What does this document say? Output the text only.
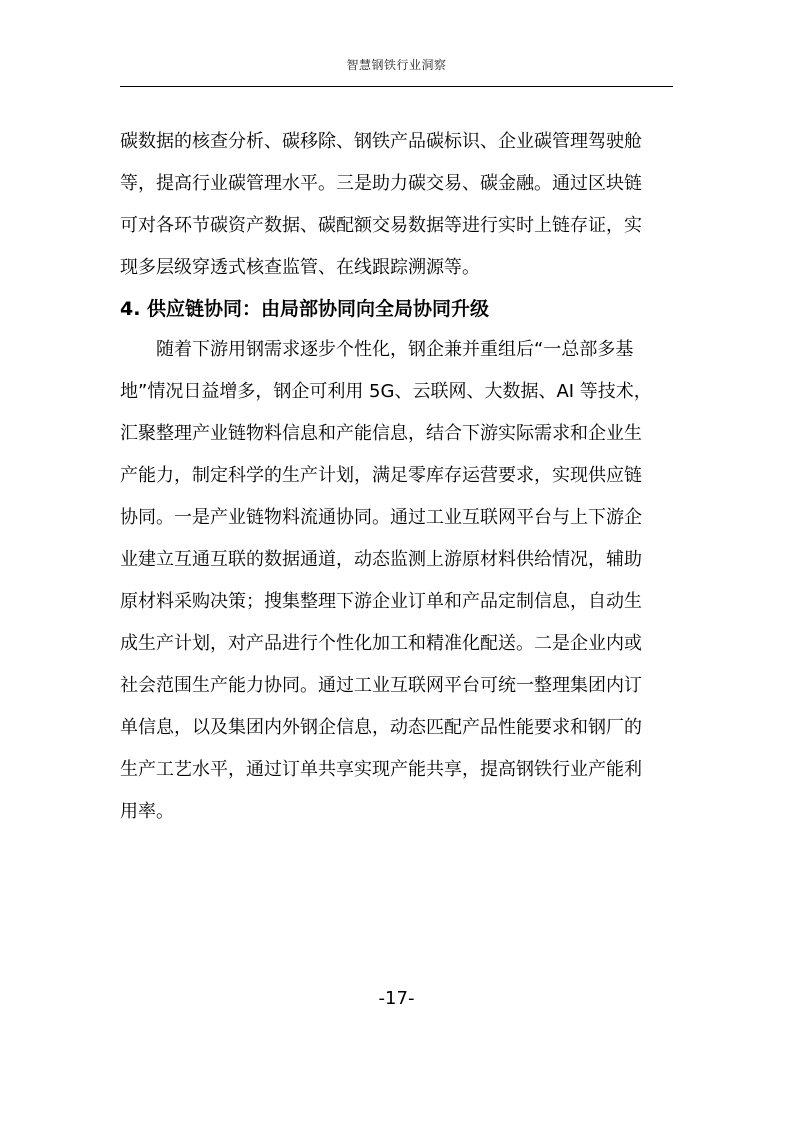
智慧钢铁行业洞察
碳数据的核查分析、碳移除、钢铁产品碳标识、企业碳管理驾驶舱
等，提高行业碳管理水平。三是助力碳交易、碳金融。通过区块链
可对各环节碳资产数据、碳配额交易数据等进行实时上链存证，实
现多层级穿透式核查监管、在线跟踪溯源等。
4. 供应链协同：由局部协同向全局协同升级
　　随着下游用钢需求逐步个性化，钢企兼并重组后“一总部多基
地”情况日益增多，钢企可利用 5G、云联网、大数据、AI 等技术，
汇聚整理产业链物料信息和产能信息，结合下游实际需求和企业生
产能力，制定科学的生产计划，满足零库存运营要求，实现供应链
协同。一是产业链物料流通协同。通过工业互联网平台与上下游企
业建立互通互联的数据通道，动态监测上游原材料供给情况，辅助
原材料采购决策；搜集整理下游企业订单和产品定制信息，自动生
成生产计划，对产品进行个性化加工和精准化配送。二是企业内或
社会范围生产能力协同。通过工业互联网平台可统一整理集团内订
单信息，以及集团内外钢企信息，动态匹配产品性能要求和钢厂的
生产工艺水平，通过订单共享实现产能共享，提高钢铁行业产能利
用率。
-17-
